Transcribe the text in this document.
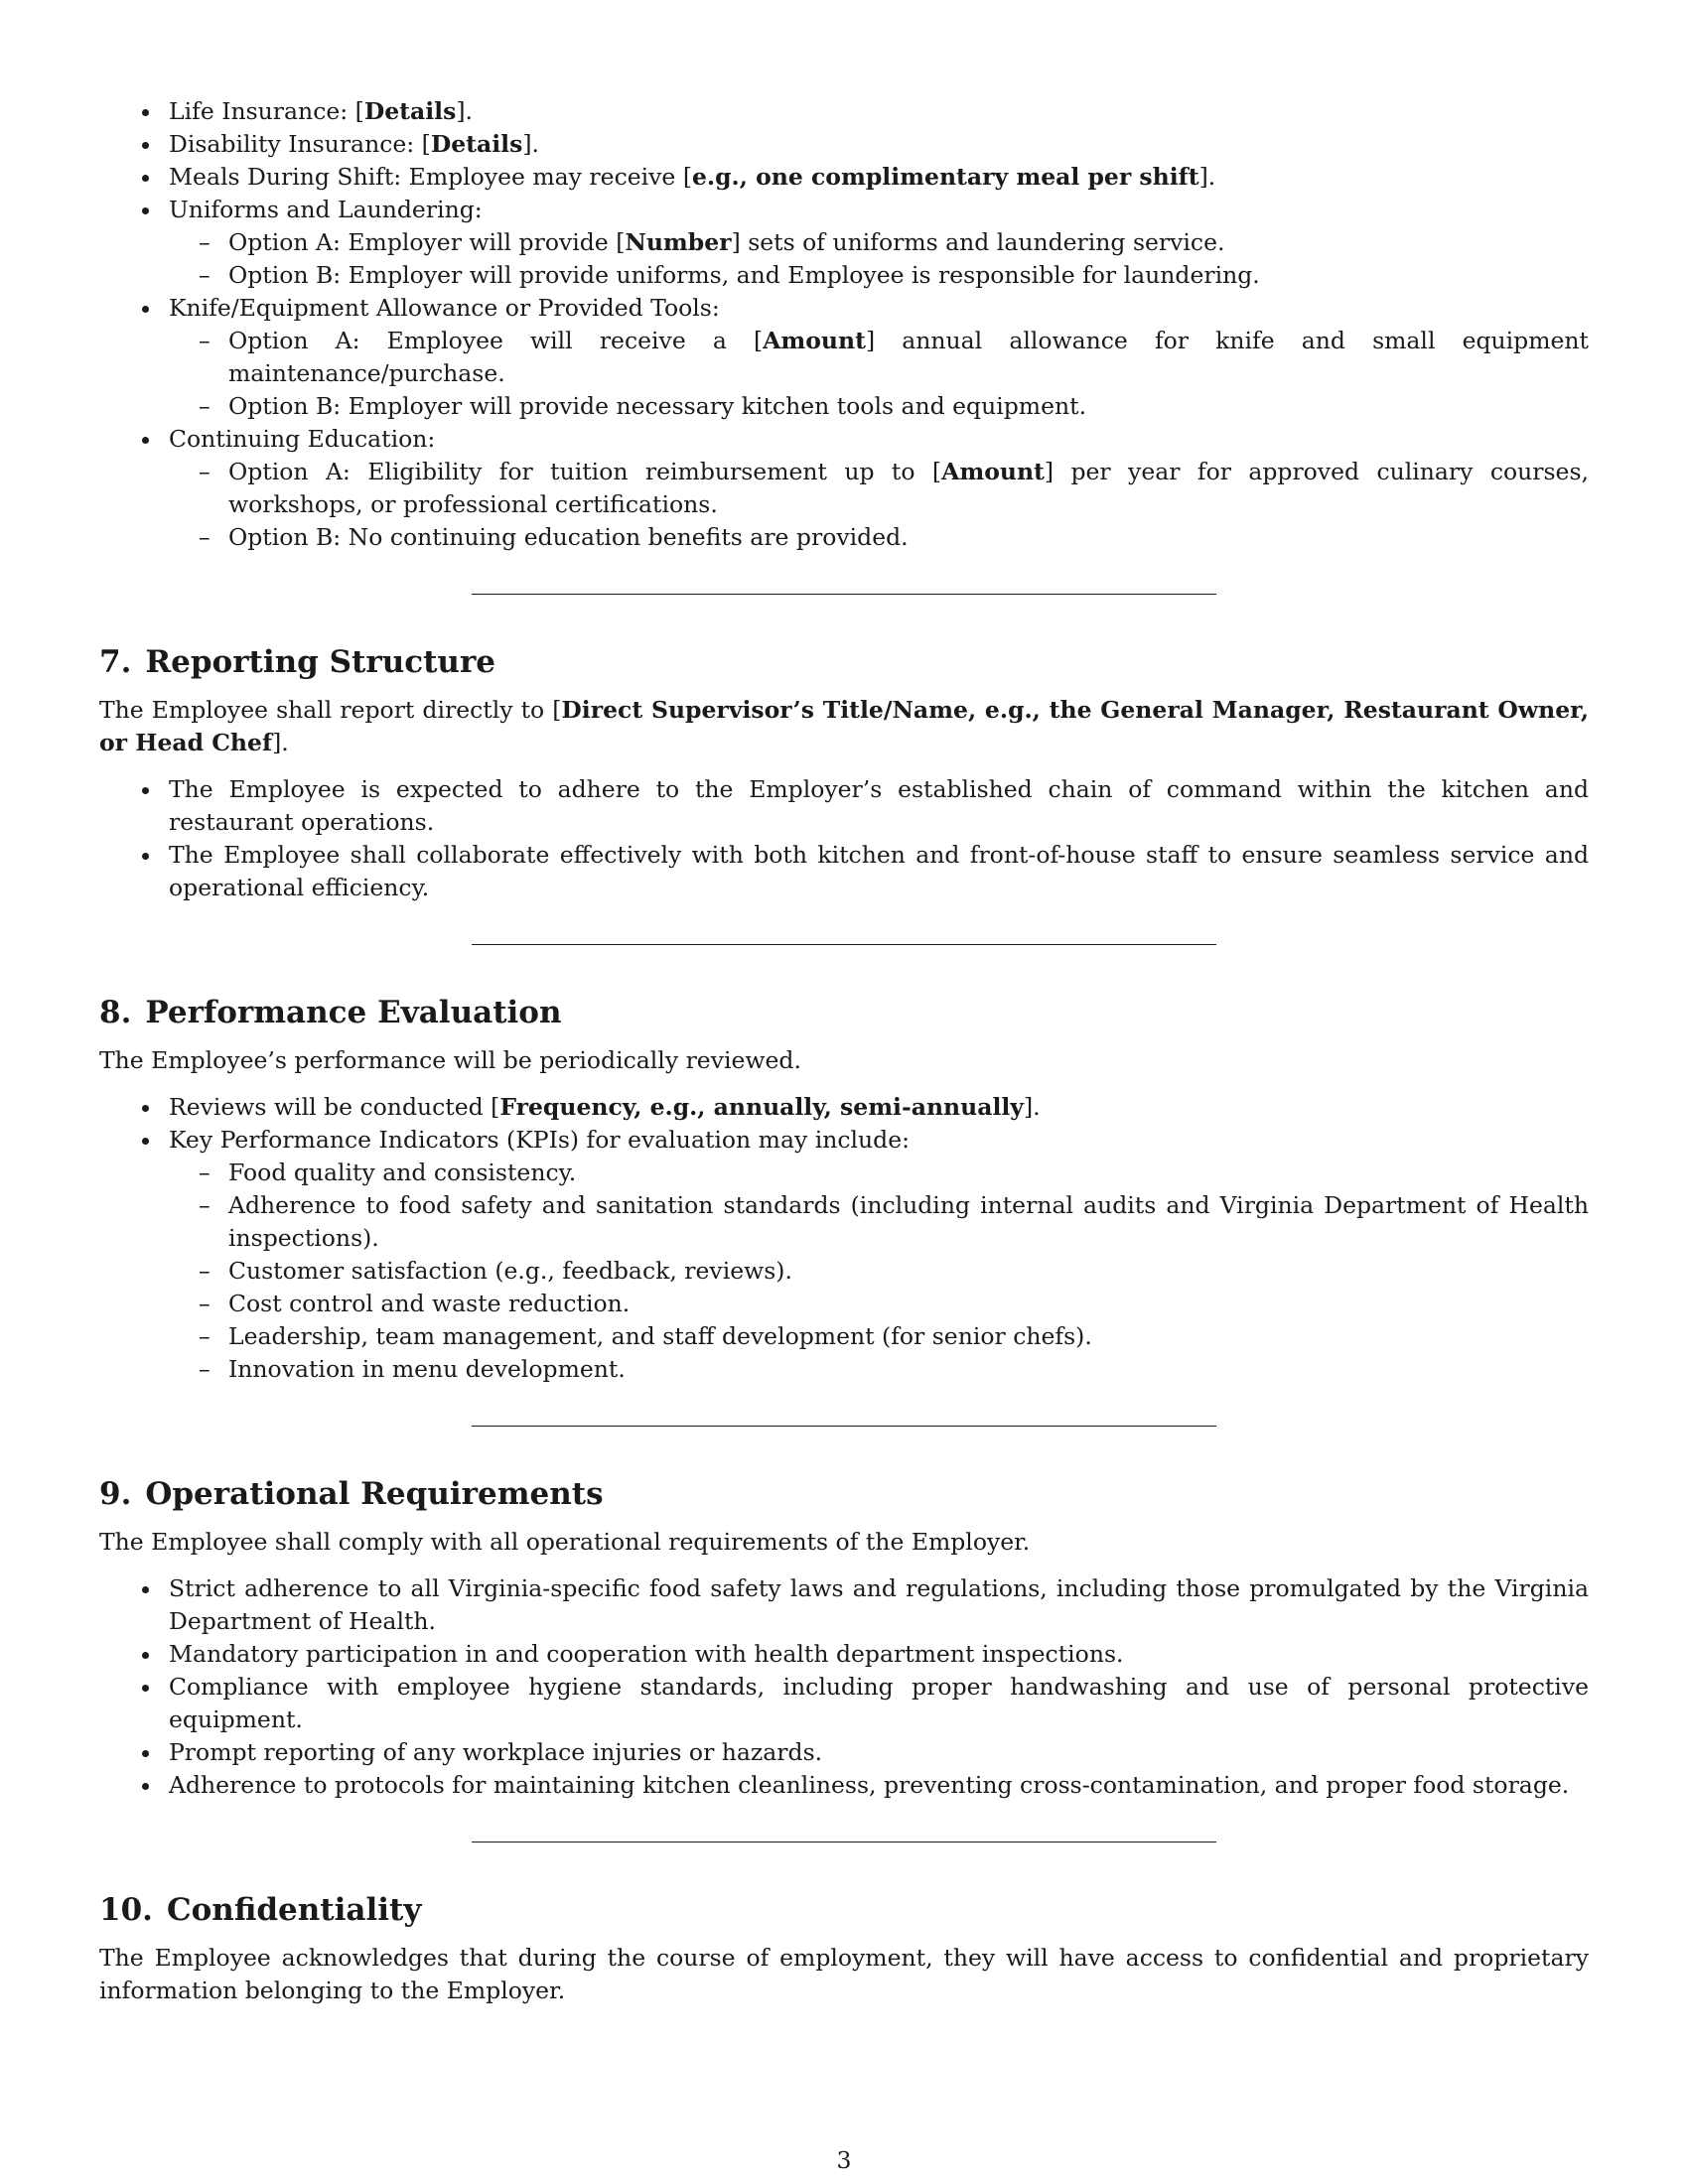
Life Insurance: [Details].
Disability Insurance: [Details].
Meals During Shift: Employee may receive [e.g., one complimentary meal per shift].
Uniforms and Laundering:
– Option A: Employer will provide [Number] sets of uniforms and laundering service.
– Option B: Employer will provide uniforms, and Employee is responsible for laundering.
Knife/Equipment Allowance or Provided Tools:
– Option A: Employee will receive a [Amount] annual allowance for knife and small equipment maintenance/purchase.
– Option B: Employer will provide necessary kitchen tools and equipment.
Continuing Education:
– Option A: Eligibility for tuition reimbursement up to [Amount] per year for approved culinary courses, workshops, or professional certifications.
– Option B: No continuing education benefits are provided.
7. Reporting Structure

The Employee shall report directly to [Direct Supervisor’s Title/Name, e.g., the General Manager, Restaurant Owner, or Head Chef].

The Employee is expected to adhere to the Employer’s established chain of command within the kitchen and restaurant operations.
The Employee shall collaborate effectively with both kitchen and front-of-house staff to ensure seamless service and operational efficiency.
8. Performance Evaluation

The Employee’s performance will be periodically reviewed.

Reviews will be conducted [Frequency, e.g., annually, semi-annually].
Key Performance Indicators (KPIs) for evaluation may include:
– Food quality and consistency.
– Adherence to food safety and sanitation standards (including internal audits and Virginia Department of Health inspections).
– Customer satisfaction (e.g., feedback, reviews).
– Cost control and waste reduction.
– Leadership, team management, and staff development (for senior chefs).
– Innovation in menu development.
9. Operational Requirements

The Employee shall comply with all operational requirements of the Employer.

Strict adherence to all Virginia-specific food safety laws and regulations, including those promulgated by the Virginia Department of Health.
Mandatory participation in and cooperation with health department inspections.
Compliance with employee hygiene standards, including proper handwashing and use of personal protective equipment.
Prompt reporting of any workplace injuries or hazards.
Adherence to protocols for maintaining kitchen cleanliness, preventing cross-contamination, and proper food storage.
10. Confidentiality

The Employee acknowledges that during the course of employment, they will have access to confidential and proprietary information belonging to the Employer.

3
